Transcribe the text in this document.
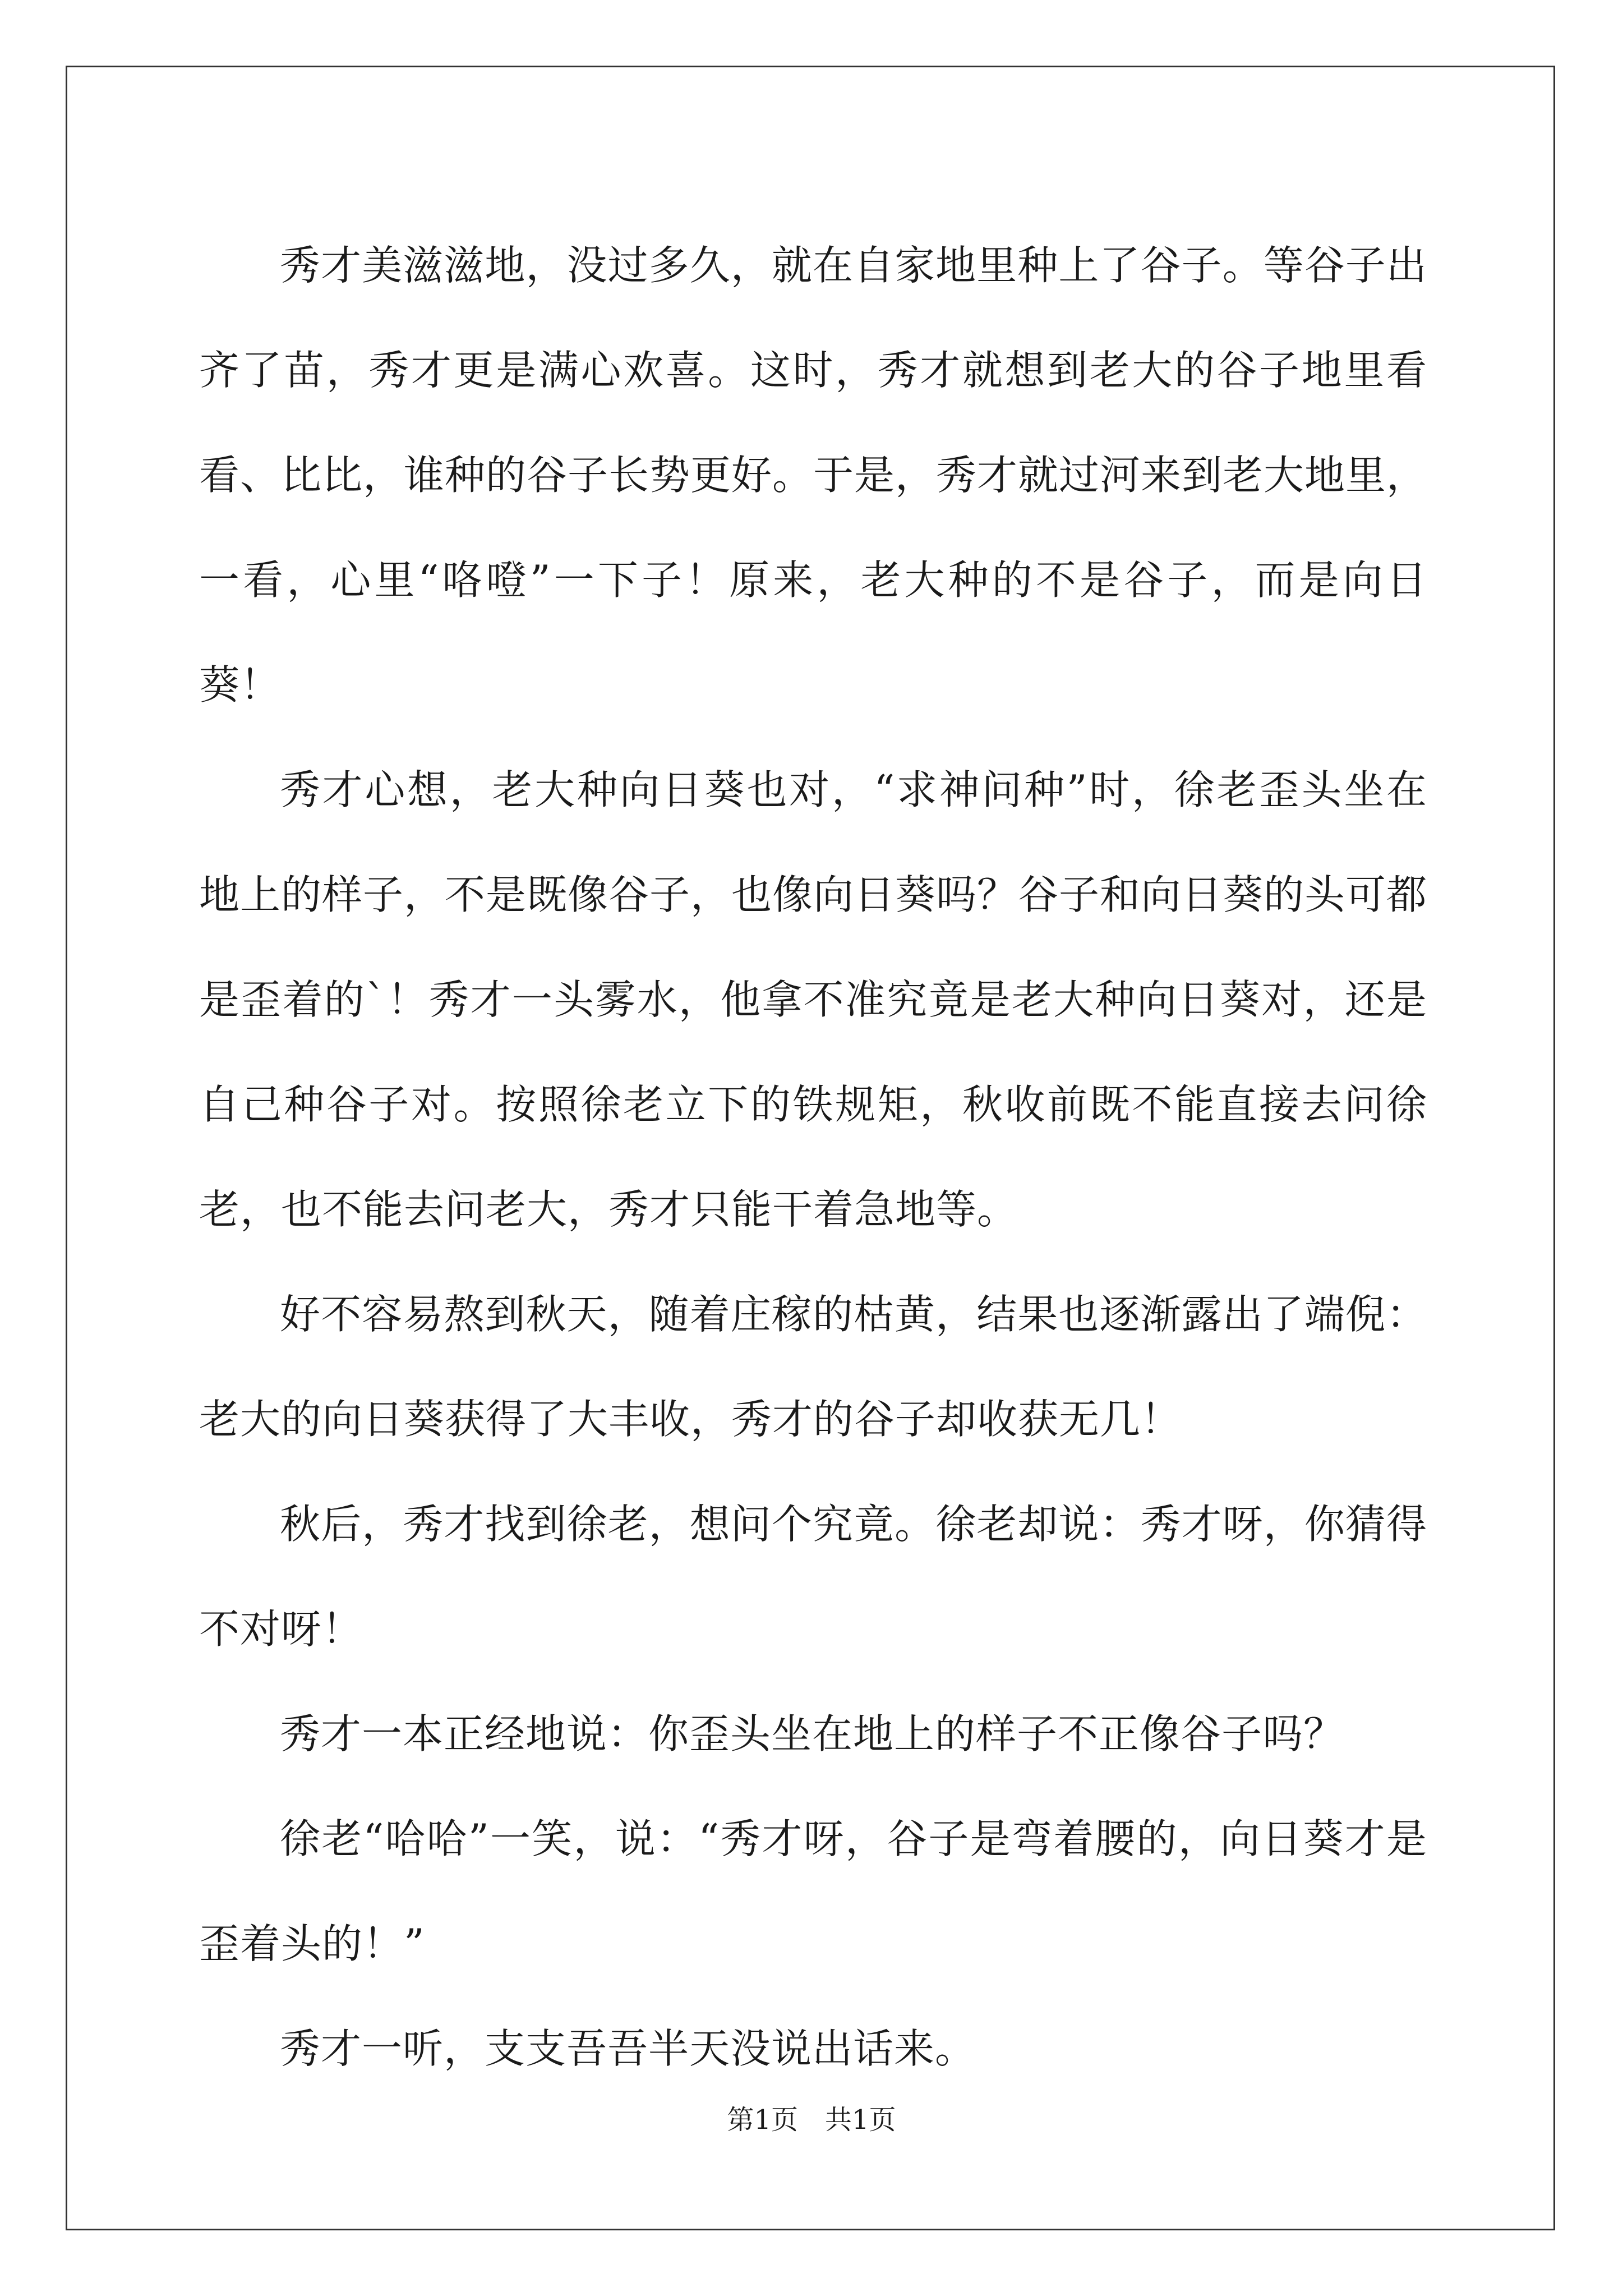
秀才美滋滋地，没过多久，就在自家地里种上了谷子。等谷子出齐了苗，秀才更是满心欢喜。这时，秀才就想到老大的谷子地里看看、比比，谁种的谷子长势更好。于是，秀才就过河来到老大地里，一看，心里“咯噔”一下子！原来，老大种的不是谷子，而是向日葵！

秀才心想，老大种向日葵也对，“求神问种”时，徐老歪头坐在地上的样子，不是既像谷子，也像向日葵吗？谷子和向日葵的头可都是歪着的`！秀才一头雾水，他拿不准究竟是老大种向日葵对，还是自己种谷子对。按照徐老立下的铁规矩，秋收前既不能直接去问徐老，也不能去问老大，秀才只能干着急地等。

好不容易熬到秋天，随着庄稼的枯黄，结果也逐渐露出了端倪：老大的向日葵获得了大丰收，秀才的谷子却收获无几！

秋后，秀才找到徐老，想问个究竟。徐老却说：秀才呀，你猜得不对呀！

秀才一本正经地说：你歪头坐在地上的样子不正像谷子吗？

徐老“哈哈”一笑，说：“秀才呀，谷子是弯着腰的，向日葵才是歪着头的！”

秀才一听，支支吾吾半天没说出话来。

第1页　共1页
